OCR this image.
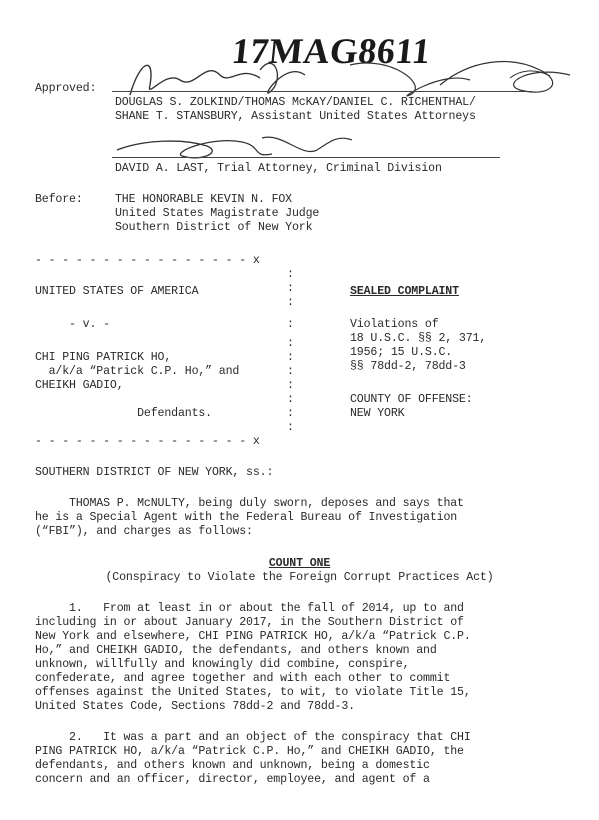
17MAG8611
Approved:
DOUGLAS S. ZOLKIND/THOMAS McKAY/DANIEL C. RICHENTHAL/
SHANE T. STANSBURY, Assistant United States Attorneys
DAVID A. LAST, Trial Attorney, Criminal Division
Before:	THE HONORABLE KEVIN N. FOX
United States Magistrate Judge
Southern District of New York
- - - - - - - - - - - - - - - - x
:
:
:
:
:
:
:
:
:
:
:
UNITED STATES OF AMERICA
- v. -
CHI PING PATRICK HO,
a/k/a “Patrick C.P. Ho,” and
CHEIKH GADIO,
Defendants.
SEALED COMPLAINT
Violations of
18 U.S.C. §§ 2, 371,
1956; 15 U.S.C.
§§ 78dd-2, 78dd-3
COUNTY OF OFFENSE:
NEW YORK
- - - - - - - - - - - - - - - - x
SOUTHERN DISTRICT OF NEW YORK, ss.:
THOMAS P. McNULTY, being duly sworn, deposes and says that
he is a Special Agent with the Federal Bureau of Investigation
(“FBI”), and charges as follows:
COUNT ONE
(Conspiracy to Violate the Foreign Corrupt Practices Act)
1.   From at least in or about the fall of 2014, up to and
including in or about January 2017, in the Southern District of
New York and elsewhere, CHI PING PATRICK HO, a/k/a “Patrick C.P.
Ho,” and CHEIKH GADIO, the defendants, and others known and
unknown, willfully and knowingly did combine, conspire,
confederate, and agree together and with each other to commit
offenses against the United States, to wit, to violate Title 15,
United States Code, Sections 78dd-2 and 78dd-3.
2.   It was a part and an object of the conspiracy that CHI
PING PATRICK HO, a/k/a “Patrick C.P. Ho,” and CHEIKH GADIO, the
defendants, and others known and unknown, being a domestic
concern and an officer, director, employee, and agent of a
